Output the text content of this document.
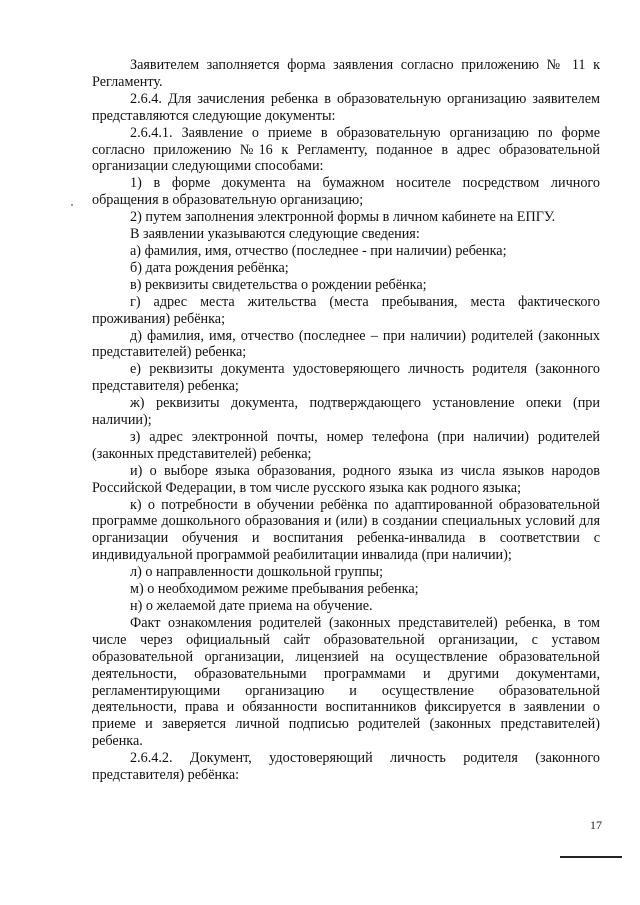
Заявителем заполняется форма заявления согласно приложению № 11 к Регламенту.

2.6.4. Для зачисления ребенка в образовательную организацию заявителем представляются следующие документы:

2.6.4.1. Заявление о приеме в образовательную организацию по форме согласно приложению №16 к Регламенту, поданное в адрес образовательной организации следующими способами:

1) в форме документа на бумажном носителе посредством личного обращения в образовательную организацию;

2) путем заполнения электронной формы в личном кабинете на ЕПГУ.

В заявлении указываются следующие сведения:

а) фамилия, имя, отчество (последнее - при наличии) ребенка;

б) дата рождения ребёнка;

в) реквизиты свидетельства о рождении ребёнка;

г) адрес места жительства (места пребывания, места фактического проживания) ребёнка;

д) фамилия, имя, отчество (последнее – при наличии) родителей (законных представителей) ребенка;

е) реквизиты документа удостоверяющего личность родителя (законного представителя) ребенка;

ж) реквизиты документа, подтверждающего установление опеки (при наличии);

з) адрес электронной почты, номер телефона (при наличии) родителей (законных представителей) ребенка;

и) о выборе языка образования, родного языка из числа языков народов Российской Федерации, в том числе русского языка как родного языка;

к) о потребности в обучении ребёнка по адаптированной образовательной программе дошкольного образования и (или) в создании специальных условий для организации обучения и воспитания ребенка-инвалида в соответствии с индивидуальной программой реабилитации инвалида (при наличии);

л) о направленности дошкольной группы;

м) о необходимом режиме пребывания ребенка;

н) о желаемой дате приема на обучение.

Факт ознакомления родителей (законных представителей) ребенка, в том числе через официальный сайт образовательной организации, с уставом образовательной организации, лицензией на осуществление образовательной деятельности, образовательными программами и другими документами, регламентирующими организацию и осуществление образовательной деятельности, права и обязанности воспитанников фиксируется в заявлении о приеме и заверяется личной подписью родителей (законных представителей) ребенка.

2.6.4.2. Документ, удостоверяющий личность родителя (законного представителя) ребёнка:

17
